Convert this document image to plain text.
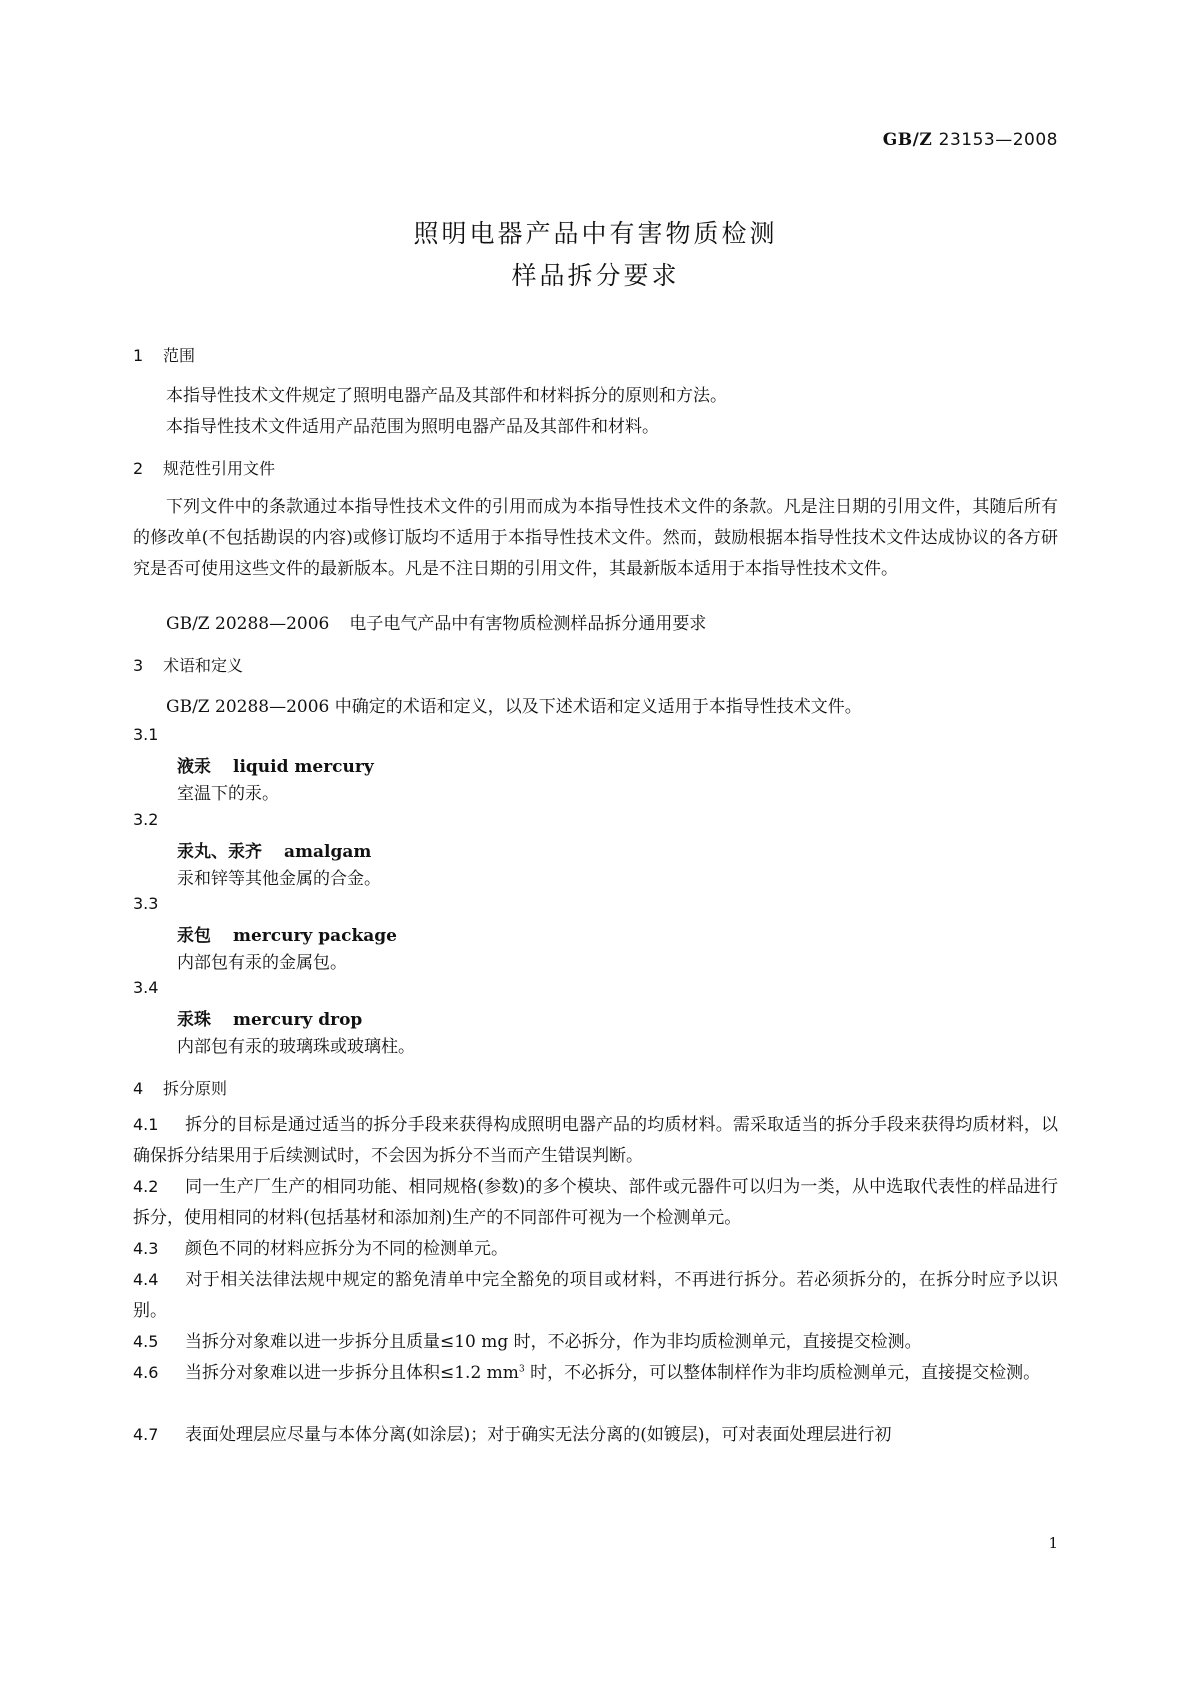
GB/Z 23153—2008
照明电器产品中有害物质检测
样品拆分要求
1 范围
本指导性技术文件规定了照明电器产品及其部件和材料拆分的原则和方法。
本指导性技术文件适用产品范围为照明电器产品及其部件和材料。
2 规范性引用文件
下列文件中的条款通过本指导性技术文件的引用而成为本指导性技术文件的条款。凡是注日期的引用文件，其随后所有的修改单(不包括勘误的内容)或修订版均不适用于本指导性技术文件。然而，鼓励根据本指导性技术文件达成协议的各方研究是否可使用这些文件的最新版本。凡是不注日期的引用文件，其最新版本适用于本指导性技术文件。
GB/Z 20288—2006 电子电气产品中有害物质检测样品拆分通用要求
3 术语和定义
GB/Z 20288—2006 中确定的术语和定义，以及下述术语和定义适用于本指导性技术文件。
3.1
液汞 liquid mercury
室温下的汞。
3.2
汞丸、汞齐 amalgam
汞和锌等其他金属的合金。
3.3
汞包 mercury package
内部包有汞的金属包。
3.4
汞珠 mercury drop
内部包有汞的玻璃珠或玻璃柱。
4 拆分原则
4.1 拆分的目标是通过适当的拆分手段来获得构成照明电器产品的均质材料。需采取适当的拆分手段来获得均质材料，以确保拆分结果用于后续测试时，不会因为拆分不当而产生错误判断。
4.2 同一生产厂生产的相同功能、相同规格(参数)的多个模块、部件或元器件可以归为一类，从中选取代表性的样品进行拆分，使用相同的材料(包括基材和添加剂)生产的不同部件可视为一个检测单元。
4.3 颜色不同的材料应拆分为不同的检测单元。
4.4 对于相关法律法规中规定的豁免清单中完全豁免的项目或材料，不再进行拆分。若必须拆分的，在拆分时应予以识别。
4.5 当拆分对象难以进一步拆分且质量≤10 mg 时，不必拆分，作为非均质检测单元，直接提交检测。
4.6 当拆分对象难以进一步拆分且体积≤1.2 $mm^3$ 时，不必拆分，可以整体制样作为非均质检测单元，直接提交检测。
4.7 表面处理层应尽量与本体分离(如涂层)；对于确实无法分离的(如镀层)，可对表面处理层进行初
1
